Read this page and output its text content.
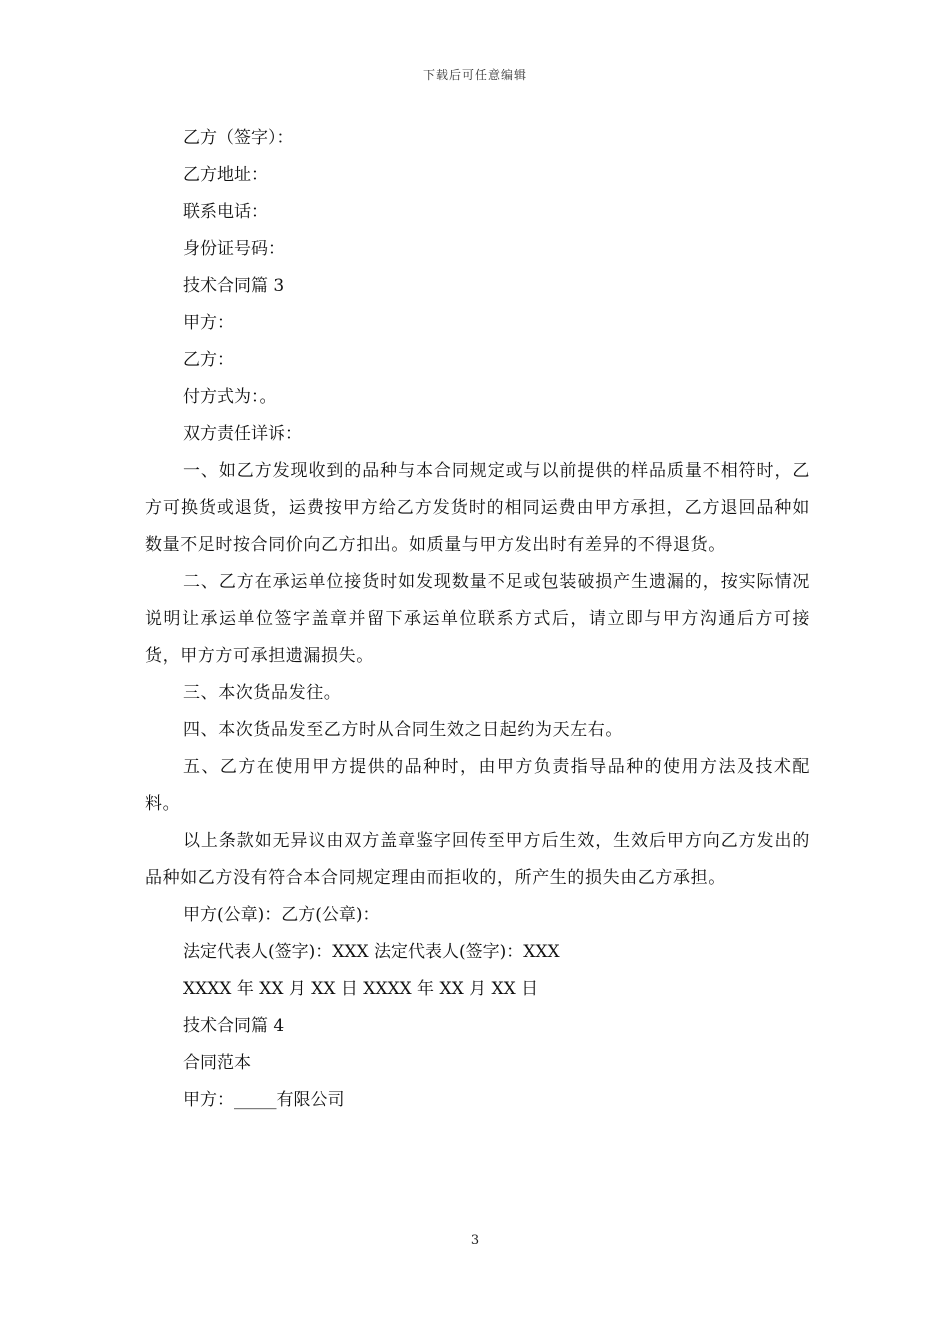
下载后可任意编辑
乙方（签字）：
乙方地址：
联系电话：
身份证号码：
技术合同篇 3
甲方：
乙方：
付方式为：。
双方责任详诉：
一、如乙方发现收到的品种与本合同规定或与以前提供的样品质量不相符时，乙方可换货或退货，运费按甲方给乙方发货时的相同运费由甲方承担，乙方退回品种如数量不足时按合同价向乙方扣出。如质量与甲方发出时有差异的不得退货。
二、乙方在承运单位接货时如发现数量不足或包装破损产生遗漏的，按实际情况说明让承运单位签字盖章并留下承运单位联系方式后，请立即与甲方沟通后方可接货，甲方方可承担遗漏损失。
三、本次货品发往。
四、本次货品发至乙方时从合同生效之日起约为天左右。
五、乙方在使用甲方提供的品种时，由甲方负责指导品种的使用方法及技术配料。
以上条款如无异议由双方盖章鉴字回传至甲方后生效，生效后甲方向乙方发出的品种如乙方没有符合本合同规定理由而拒收的，所产生的损失由乙方承担。
甲方(公章)：乙方(公章)：
法定代表人(签字)：XXX 法定代表人(签字)：XXX
XXXX 年 XX 月 XX 日 XXXX 年 XX 月 XX 日
技术合同篇 4
合同范本
甲方：_____有限公司
3
